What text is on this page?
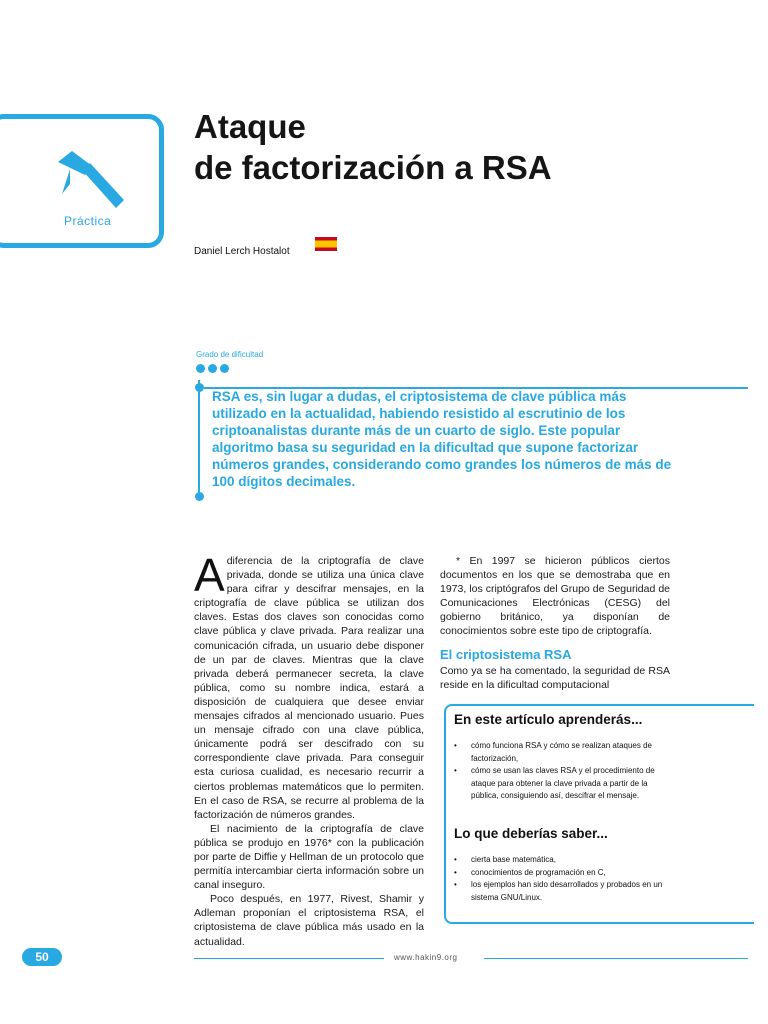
Práctica
Ataque
de factorización a RSA
Daniel Lerch Hostalot
Grado de dificultad

RSA es, sin lugar a dudas, el criptosistema de clave pública más utilizado en la actualidad, habiendo resistido al escrutinio de los criptoanalistas durante más de un cuarto de siglo. Este popular algoritmo basa su seguridad en la dificultad que supone factorizar números grandes, considerando como grandes los números de más de 100 dígitos decimales.

Adiferencia de la criptografía de clave privada, donde se utiliza una única clave para cifrar y descifrar mensajes, en la criptografía de clave pública se utilizan dos claves. Estas dos claves son conocidas como clave pública y clave privada. Para realizar una comunicación cifrada, un usuario debe disponer de un par de claves. Mientras que la clave privada deberá permanecer secreta, la clave pública, como su nombre indica, estará a disposición de cualquiera que desee enviar mensajes cifrados al mencionado usuario. Pues un mensaje cifrado con una clave pública, únicamente podrá ser descifrado con su correspondiente clave privada. Para conseguir esta curiosa cualidad, es necesario recurrir a ciertos problemas matemáticos que lo permiten. En el caso de RSA, se recurre al problema de la factorización de números grandes.

El nacimiento de la criptografía de clave pública se produjo en 1976* con la publicación por parte de Diffie y Hellman de un protocolo que permitía intercambiar cierta información sobre un canal inseguro.

Poco después, en 1977, Rivest, Shamir y Adleman proponían el criptosistema RSA, el criptosistema de clave pública más usado en la actualidad.

* En 1997 se hicieron públicos ciertos documentos en los que se demostraba que en 1973, los criptógrafos del Grupo de Seguridad de Comunicaciones Electrónicas (CESG) del gobierno británico, ya disponían de conocimientos sobre este tipo de criptografía.

El criptosistema RSA

Como ya se ha comentado, la seguridad de RSA reside en la dificultad computacional

En este artículo aprenderás...
• cómo funciona RSA y cómo se realizan ataques de factorización,
• cómo se usan las claves RSA y el procedimiento de ataque para obtener la clave privada a partir de la pública, consiguiendo así, descifrar el mensaje.
Lo que deberías saber...
• cierta base matemática,
• conocimientos de programación en C,
• los ejemplos han sido desarrollados y probados en un sistema GNU/Linux.
50	www.hakin9.org
